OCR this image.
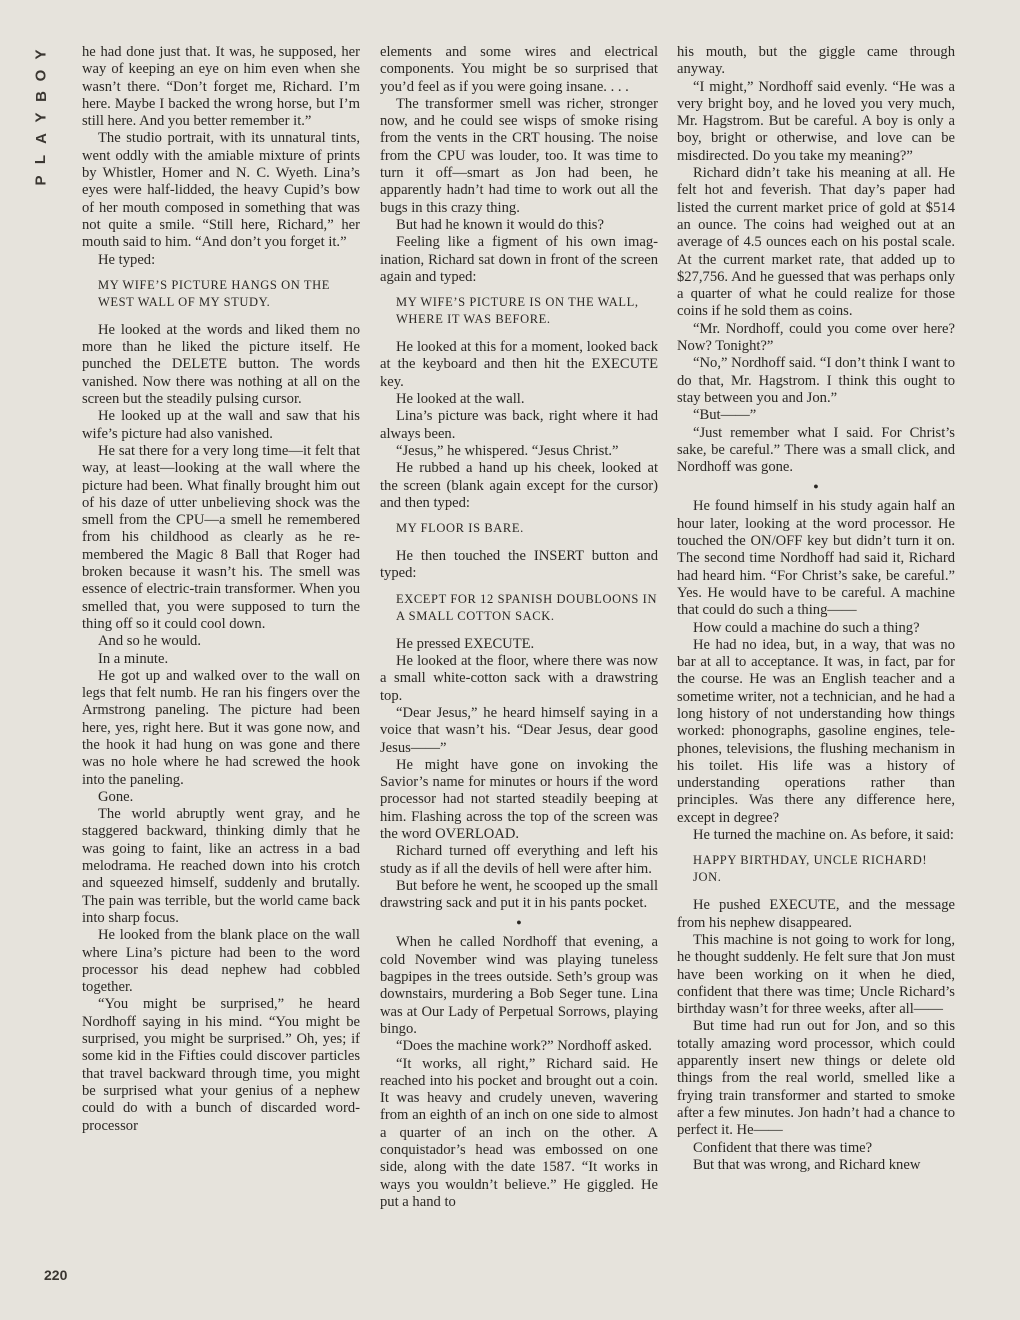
Y
O
B
Y
A
L
P
220

he had done just that. It was, he supposed, her way of keeping an eye on him even when she wasn’t there. “Don’t forget me, Richard. I’m here. Maybe I backed the wrong horse, but I’m still here. And you better remember it.”

The studio portrait, with its unnatural tints, went oddly with the amiable mixture of prints by Whistler, Homer and N. C. Wyeth. Lina’s eyes were half-lidded, the heavy Cupid’s bow of her mouth composed in something that was not quite a smile. “Still here, Richard,” her mouth said to him. “And don’t you forget it.”

He typed:

MY WIFE’S PICTURE HANGS ON THE
WEST WALL OF MY STUDY.

He looked at the words and liked them no more than he liked the picture itself. He punched the DELETE button. The words vanished. Now there was nothing at all on the screen but the steadily pulsing cursor.

He looked up at the wall and saw that his wife’s picture had also vanished.

He sat there for a very long time—it felt that way, at least—looking at the wall where the picture had been. What finally brought him out of his daze of utter unbelieving shock was the smell from the CPU—a smell he remembered from his childhood as clearly as he remembered the Magic 8 Ball that Roger had broken because it wasn’t his. The smell was essence of electric-train transformer. When you smelled that, you were supposed to turn the thing off so it could cool down.

And so he would.

In a minute.

He got up and walked over to the wall on legs that felt numb. He ran his fingers over the Armstrong paneling. The picture had been here, yes, right here. But it was gone now, and the hook it had hung on was gone and there was no hole where he had screwed the hook into the paneling.

Gone.

The world abruptly went gray, and he staggered backward, thinking dimly that he was going to faint, like an actress in a bad melodrama. He reached down into his crotch and squeezed himself, suddenly and brutally. The pain was terrible, but the world came back into sharp focus.

He looked from the blank place on the wall where Lina’s picture had been to the word processor his dead nephew had cobbled together.

“You might be surprised,” he heard Nordhoff saying in his mind. “You might be surprised, you might be surprised.” Oh, yes; if some kid in the Fifties could discover particles that travel backward through time, you might be surprised what your genius of a nephew could do with a bunch of discarded word-processor

elements and some wires and electrical components. You might be so surprised that you’d feel as if you were going insane. . . .

The transformer smell was richer, stronger now, and he could see wisps of smoke rising from the vents in the CRT housing. The noise from the CPU was louder, too. It was time to turn it off—smart as Jon had been, he apparently hadn’t had time to work out all the bugs in this crazy thing.

But had he known it would do this?

Feeling like a figment of his own imagination, Richard sat down in front of the screen again and typed:

MY WIFE’S PICTURE IS ON THE WALL,
WHERE IT WAS BEFORE.

He looked at this for a moment, looked back at the keyboard and then hit the EXECUTE key.

He looked at the wall.

Lina’s picture was back, right where it had always been.

“Jesus,” he whispered. “Jesus Christ.”

He rubbed a hand up his cheek, looked at the screen (blank again except for the cursor) and then typed:

MY FLOOR IS BARE.

He then touched the INSERT button and typed:

EXCEPT FOR 12 SPANISH DOUBLOONS IN
A SMALL COTTON SACK.

He pressed EXECUTE.

He looked at the floor, where there was now a small white-cotton sack with a drawstring top.

“Dear Jesus,” he heard himself saying in a voice that wasn’t his. “Dear Jesus, dear good Jesus——”

He might have gone on invoking the Savior’s name for minutes or hours if the word processor had not started steadily beeping at him. Flashing across the top of the screen was the word OVERLOAD.

Richard turned off everything and left his study as if all the devils of hell were after him.

But before he went, he scooped up the small drawstring sack and put it in his pants pocket.

●

When he called Nordhoff that evening, a cold November wind was playing tuneless bagpipes in the trees outside. Seth’s group was downstairs, murdering a Bob Seger tune. Lina was at Our Lady of Perpetual Sorrows, playing bingo.

“Does the machine work?” Nordhoff asked.

“It works, all right,” Richard said. He reached into his pocket and brought out a coin. It was heavy and crudely uneven, wavering from an eighth of an inch on one side to almost a quarter of an inch on the other. A conquistador’s head was embossed on one side, along with the date 1587. “It works in ways you wouldn’t believe.” He giggled. He put a hand to

his mouth, but the giggle came through anyway.

“I might,” Nordhoff said evenly. “He was a very bright boy, and he loved you very much, Mr. Hagstrom. But be careful. A boy is only a boy, bright or otherwise, and love can be misdirected. Do you take my meaning?”

Richard didn’t take his meaning at all. He felt hot and feverish. That day’s paper had listed the current market price of gold at $514 an ounce. The coins had weighed out at an average of 4.5 ounces each on his postal scale. At the current market rate, that added up to $27,756. And he guessed that was perhaps only a quarter of what he could realize for those coins if he sold them as coins.

“Mr. Nordhoff, could you come over here? Now? Tonight?”

“No,” Nordhoff said. “I don’t think I want to do that, Mr. Hagstrom. I think this ought to stay between you and Jon.”

“But——”

“Just remember what I said. For Christ’s sake, be careful.” There was a small click, and Nordhoff was gone.

●

He found himself in his study again half an hour later, looking at the word processor. He touched the ON/OFF key but didn’t turn it on. The second time Nordhoff had said it, Richard had heard him. “For Christ’s sake, be careful.” Yes. He would have to be careful. A machine that could do such a thing——

How could a machine do such a thing?

He had no idea, but, in a way, that was no bar at all to acceptance. It was, in fact, par for the course. He was an English teacher and a sometime writer, not a technician, and he had a long history of not understanding how things worked: phonographs, gasoline engines, telephones, televisions, the flushing mechanism in his toilet. His life was a history of understanding operations rather than principles. Was there any difference here, except in degree?

He turned the machine on. As before, it said:

HAPPY BIRTHDAY, UNCLE RICHARD!
JON.

He pushed EXECUTE, and the message from his nephew disappeared.

This machine is not going to work for long, he thought suddenly. He felt sure that Jon must have been working on it when he died, confident that there was time; Uncle Richard’s birthday wasn’t for three weeks, after all——

But time had run out for Jon, and so this totally amazing word processor, which could apparently insert new things or delete old things from the real world, smelled like a frying train transformer and started to smoke after a few minutes. Jon hadn’t had a chance to perfect it. He——

Confident that there was time?

But that was wrong, and Richard knew
